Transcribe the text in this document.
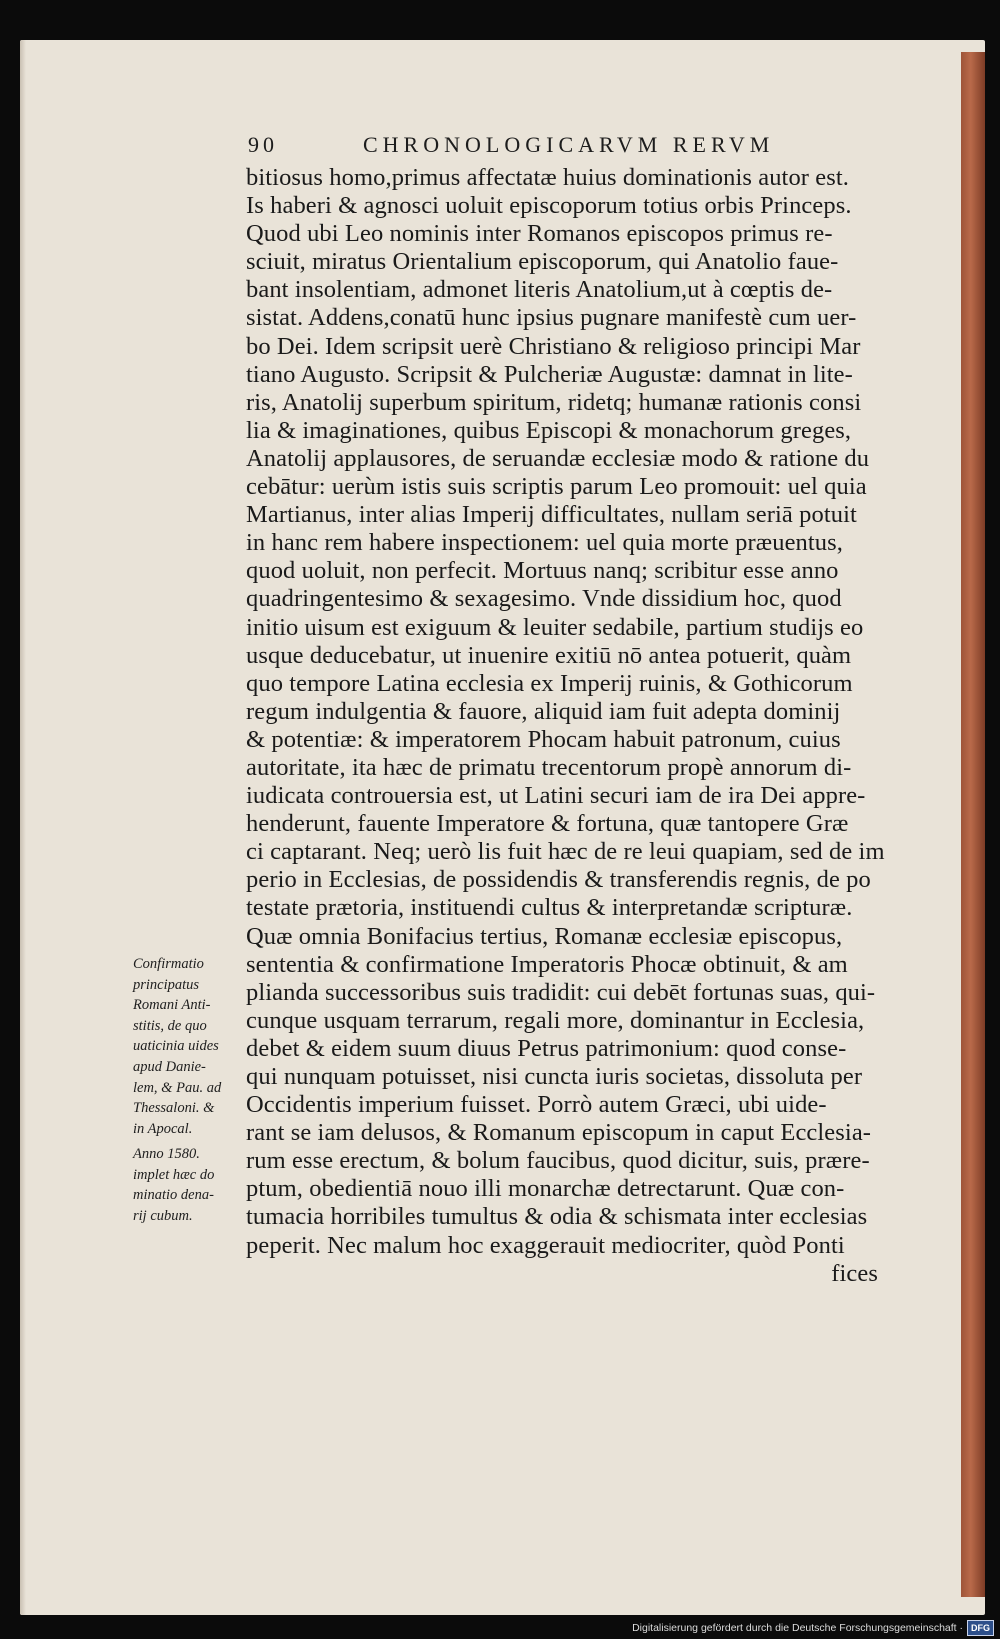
90	CHRONOLOGICARVM RERVM
bitiosus homo,primus affectatæ huius dominationis autor est.
Is haberi & agnosci uoluit episcoporum totius orbis Princeps.
Quod ubi Leo nominis inter Romanos episcopos primus re-
sciuit, miratus Orientalium episcoporum, qui Anatolio faue-
bant insolentiam, admonet literis Anatolium,ut à cœptis de-
sistat. Addens,conatū hunc ipsius pugnare manifestè cum uer-
bo Dei. Idem scripsit uerè Christiano & religioso principi Mar
tiano Augusto. Scripsit & Pulcheriæ Augustæ: damnat in lite-
ris, Anatolij superbum spiritum, ridetq; humanæ rationis consi
lia & imaginationes, quibus Episcopi & monachorum greges,
Anatolij applausores, de seruandæ ecclesiæ modo & ratione du
cebātur: uerùm istis suis scriptis parum Leo promouit: uel quia
Martianus, inter alias Imperij difficultates, nullam seriā potuit
in hanc rem habere inspectionem: uel quia morte præuentus,
quod uoluit, non perfecit. Mortuus nanq; scribitur esse anno
quadringentesimo & sexagesimo. Vnde dissidium hoc, quod
initio uisum est exiguum & leuiter sedabile, partium studijs eo
usque deducebatur, ut inuenire exitiū nō antea potuerit, quàm
quo tempore Latina ecclesia ex Imperij ruinis, & Gothicorum
regum indulgentia & fauore, aliquid iam fuit adepta dominij
& potentiæ: & imperatorem Phocam habuit patronum, cuius
autoritate, ita hæc de primatu trecentorum propè annorum di-
iudicata controuersia est, ut Latini securi iam de ira Dei appre-
henderunt, fauente Imperatore & fortuna, quæ tantopere Græ
ci captarant. Neq; uerò lis fuit hæc de re leui quapiam, sed de im
perio in Ecclesias, de possidendis & transferendis regnis, de po
testate prætoria, instituendi cultus & interpretandæ scripturæ.
Quæ omnia Bonifacius tertius, Romanæ ecclesiæ episcopus,
sententia & confirmatione Imperatoris Phocæ obtinuit, & am
plianda successoribus suis tradidit: cui debēt fortunas suas, qui-
cunque usquam terrarum, regali more, dominantur in Ecclesia,
debet & eidem suum diuus Petrus patrimonium: quod conse-
qui nunquam potuisset, nisi cuncta iuris societas, dissoluta per
Occidentis imperium fuisset. Porrò autem Græci, ubi uide-
rant se iam delusos, & Romanum episcopum in caput Ecclesia-
rum esse erectum, & bolum faucibus, quod dicitur, suis, prære-
ptum, obedientiā nouo illi monarchæ detrectarunt. Quæ con-
tumacia horribiles tumultus & odia & schismata inter ecclesias
peperit. Nec malum hoc exaggerauit mediocriter, quòd Ponti
fices
Confirmatio
principatus
Romani Anti-
stitis, de quo
uaticinia uides
apud Danie-
lem, & Pau. ad
Thessaloni. &
in Apocal.
Anno 1580.
implet hæc do
minatio dena-
rij cubum.
Digitalisierung gefördert durch die Deutsche Forschungsgemeinschaft · DFG
